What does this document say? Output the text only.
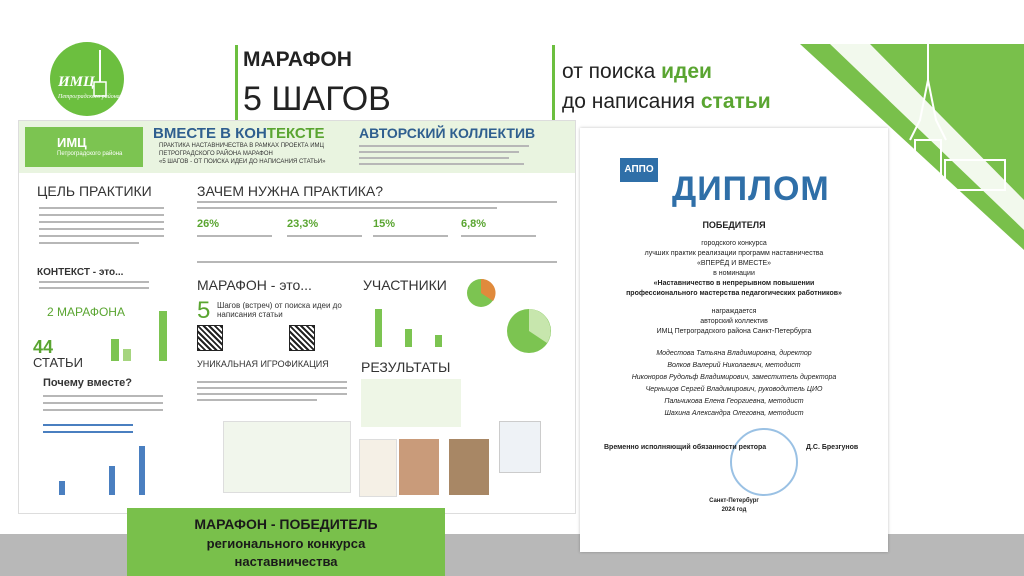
ИМЦ
Петроградского района
МАРАФОН
5 ШАГОВ
от поиска идеи
до написания статьи
ИМЦ
Петроградского района
ВМЕСТЕ В КОНТЕКСТЕ
ПРАКТИКА НАСТАВНИЧЕСТВА В РАМКАХ ПРОЕКТА ИМЦ
ПЕТРОГРАДСКОГО РАЙОНА МАРАФОН
«5 ШАГОВ - ОТ ПОИСКА ИДЕИ ДО НАПИСАНИЯ СТАТЬИ»
АВТОРСКИЙ КОЛЛЕКТИВ
ЦЕЛЬ ПРАКТИКИ	ЗАЧЕМ НУЖНА ПРАКТИКА?
26%	23,3%	15%	6,8%
КОНТЕКСТ - это...
2 МАРАФОНА
44
СТАТЬИ
Почему вместе?
МАРАФОН - это...
5 Шагов (встреч) от поиска идеи до написания статьи
УЧАСТНИКИ
УНИКАЛЬНАЯ ИГРОФИКАЦИЯ РЕЗУЛЬТАТЫ
МАРАФОН - ПОБЕДИТЕЛЬ
регионального конкурса
наставничества
АППО
ДИПЛОМ
ПОБЕДИТЕЛЯ
городского конкурса
лучших практик реализации программ наставничества
«ВПЕРЁД И ВМЕСТЕ»
в номинации
«Наставничество в непрерывном повышении
профессионального мастерства педагогических работников»
награждается
авторский коллектив
ИМЦ Петроградского района Санкт-Петербурга
Модестова Татьяна Владимировна, директор
Волков Валерий Николаевич, методист
Никоноров Рудольф Владимирович, заместитель директора
Черныцов Сергей Владимирович, руководитель ЦИО
Пальчикова Елена Георгиевна, методист
Шахина Александра Олеговна, методист
Временно исполняющий обязанности ректора	Д.С. Брезгунов
Санкт-Петербург
2024 год
